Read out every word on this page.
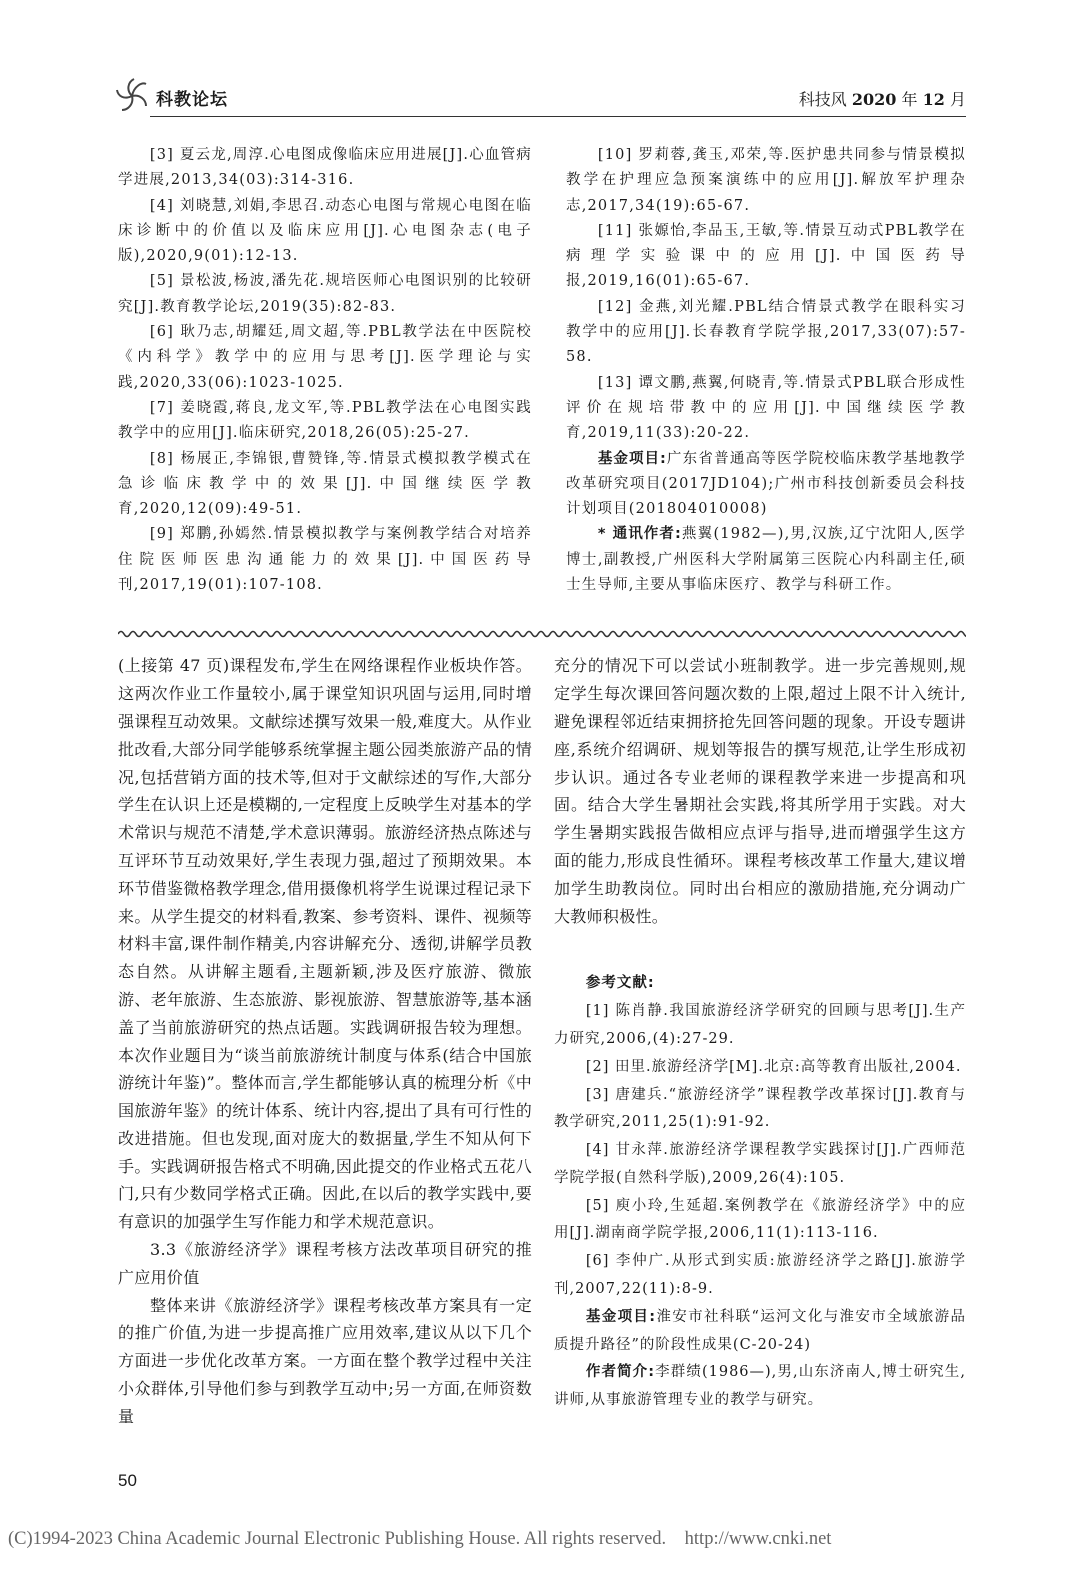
科教论坛	科技风 2020 年 12 月

[3] 夏云龙,周淳.心电图成像临床应用进展[J].心血管病学进展,2013,34(03):314-316.

[4] 刘晓慧,刘娟,李思召.动态心电图与常规心电图在临床诊断中的价值以及临床应用[J].心电图杂志(电子版),2020,9(01):12-13.

[5] 景松波,杨波,潘先花.规培医师心电图识别的比较研究[J].教育教学论坛,2019(35):82-83.

[6] 耿乃志,胡耀廷,周文超,等.PBL教学法在中医院校《内科学》教学中的应用与思考[J].医学理论与实践,2020,33(06):1023-1025.

[7] 姜晓霞,蒋良,龙文军,等.PBL教学法在心电图实践教学中的应用[J].临床研究,2018,26(05):25-27.

[8] 杨展正,李锦银,曹赞锋,等.情景式模拟教学模式在急诊临床教学中的效果[J].中国继续医学教育,2020,12(09):49-51.

[9] 郑鹏,孙嫣然.情景模拟教学与案例教学结合对培养住院医师医患沟通能力的效果[J].中国医药导刊,2017,19(01):107-108.

[10] 罗莉蓉,龚玉,邓荣,等.医护患共同参与情景模拟教学在护理应急预案演练中的应用[J].解放军护理杂志,2017,34(19):65-67.

[11] 张嫄怡,李品玉,王敏,等.情景互动式PBL教学在病理学实验课中的应用[J].中国医药导报,2019,16(01):65-67.

[12] 金燕,刘光耀.PBL结合情景式教学在眼科实习教学中的应用[J].长春教育学院学报,2017,33(07):57-58.

[13] 谭文鹏,燕翼,何晓青,等.情景式PBL联合形成性评价在规培带教中的应用[J].中国继续医学教育,2019,11(33):20-22.

基金项目:广东省普通高等医学院校临床教学基地教学改革研究项目(2017JD104);广州市科技创新委员会科技计划项目(201804010008)

* 通讯作者:燕翼(1982—),男,汉族,辽宁沈阳人,医学博士,副教授,广州医科大学附属第三医院心内科副主任,硕士生导师,主要从事临床医疗、教学与科研工作。

(上接第 47 页)课程发布,学生在网络课程作业板块作答。这两次作业工作量较小,属于课堂知识巩固与运用,同时增强课程互动效果。文献综述撰写效果一般,难度大。从作业批改看,大部分同学能够系统掌握主题公园类旅游产品的情况,包括营销方面的技术等,但对于文献综述的写作,大部分学生在认识上还是模糊的,一定程度上反映学生对基本的学术常识与规范不清楚,学术意识薄弱。旅游经济热点陈述与互评环节互动效果好,学生表现力强,超过了预期效果。本环节借鉴微格教学理念,借用摄像机将学生说课过程记录下来。从学生提交的材料看,教案、参考资料、课件、视频等材料丰富,课件制作精美,内容讲解充分、透彻,讲解学员教态自然。从讲解主题看,主题新颖,涉及医疗旅游、微旅游、老年旅游、生态旅游、影视旅游、智慧旅游等,基本涵盖了当前旅游研究的热点话题。实践调研报告较为理想。本次作业题目为“谈当前旅游统计制度与体系(结合中国旅游统计年鉴)”。整体而言,学生都能够认真的梳理分析《中国旅游年鉴》的统计体系、统计内容,提出了具有可行性的改进措施。但也发现,面对庞大的数据量,学生不知从何下手。实践调研报告格式不明确,因此提交的作业格式五花八门,只有少数同学格式正确。因此,在以后的教学实践中,要有意识的加强学生写作能力和学术规范意识。

3.3《旅游经济学》课程考核方法改革项目研究的推广应用价值

整体来讲《旅游经济学》课程考核改革方案具有一定的推广价值,为进一步提高推广应用效率,建议从以下几个方面进一步优化改革方案。一方面在整个教学过程中关注小众群体,引导他们参与到教学互动中;另一方面,在师资数量

充分的情况下可以尝试小班制教学。进一步完善规则,规定学生每次课回答问题次数的上限,超过上限不计入统计,避免课程邻近结束拥挤抢先回答问题的现象。开设专题讲座,系统介绍调研、规划等报告的撰写规范,让学生形成初步认识。通过各专业老师的课程教学来进一步提高和巩固。结合大学生暑期社会实践,将其所学用于实践。对大学生暑期实践报告做相应点评与指导,进而增强学生这方面的能力,形成良性循环。课程考核改革工作量大,建议增加学生助教岗位。同时出台相应的激励措施,充分调动广大教师积极性。

参考文献:

[1] 陈肖静.我国旅游经济学研究的回顾与思考[J].生产力研究,2006,(4):27-29.

[2] 田里.旅游经济学[M].北京:高等教育出版社,2004.

[3] 唐建兵.“旅游经济学”课程教学改革探讨[J].教育与教学研究,2011,25(1):91-92.

[4] 甘永萍.旅游经济学课程教学实践探讨[J].广西师范学院学报(自然科学版),2009,26(4):105.

[5] 庾小玲,生延超.案例教学在《旅游经济学》中的应用[J].湖南商学院学报,2006,11(1):113-116.

[6] 李仲广.从形式到实质:旅游经济学之路[J].旅游学刊,2007,22(11):8-9.

基金项目:淮安市社科联“运河文化与淮安市全域旅游品质提升路径”的阶段性成果(C-20-24)

作者简介:李群绩(1986—),男,山东济南人,博士研究生,讲师,从事旅游管理专业的教学与研究。

50
(C)1994-2023 China Academic Journal Electronic Publishing House. All rights reserved.    http://www.cnki.net
